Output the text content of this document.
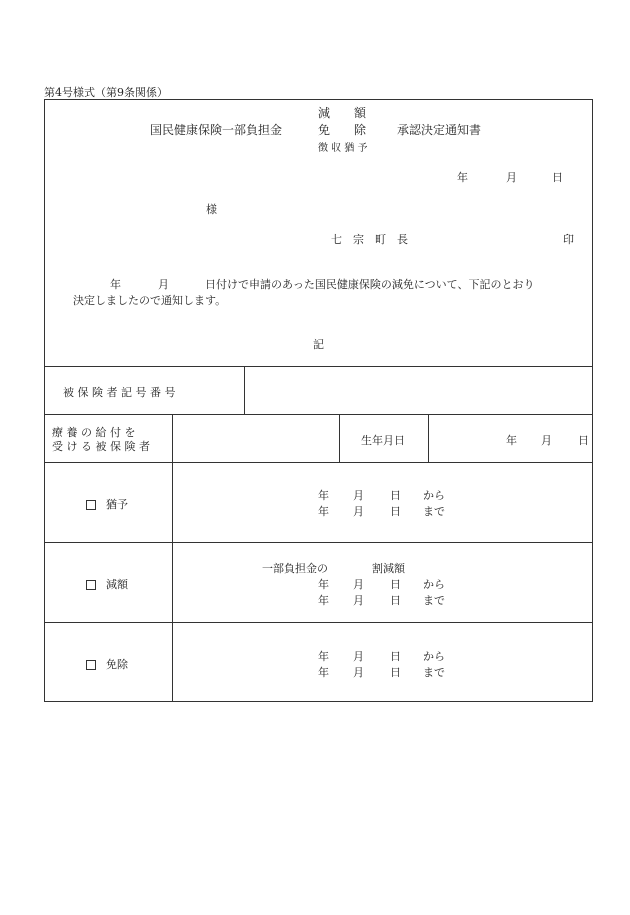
第4号様式（第9条関係）
減　　額
国民健康保険一部負担金	免　　除	承認決定通知書
徴 収 猶 予
年	月	日
様
七　宗　町　長	印
年	月	日付けで申請のあった国民健康保険の減免について、下記のとおり
決定しましたので通知します。
記
被 保 険 者 記 号 番 号
療 養 の 給 付 を
受 け る 被 保 険 者	生年月日	年 月 日
猶予
年 月 日 から
年 月 日 まで
減額
一部負担金の	割減額
年 月 日 から
年 月 日 まで
免除
年 月 日 から
年 月 日 まで
